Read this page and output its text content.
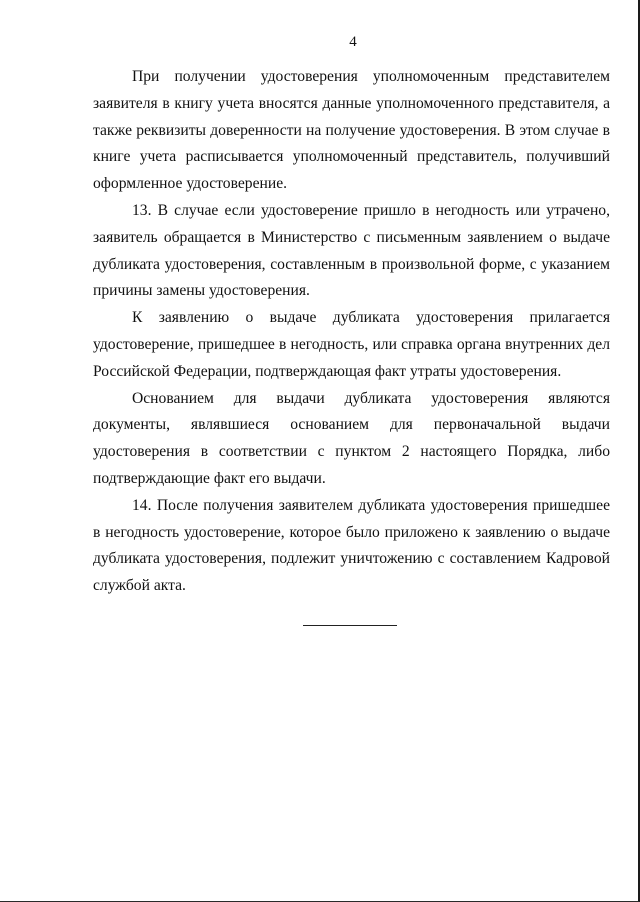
4

При получении удостоверения уполномоченным представителем заявителя в книгу учета вносятся данные уполномоченного представителя, а также реквизиты доверенности на получение удостоверения. В этом случае в книге учета расписывается уполномоченный представитель, получивший оформленное удостоверение.

13. В случае если удостоверение пришло в негодность или утрачено, заявитель обращается в Министерство с письменным заявлением о выдаче дубликата удостоверения, составленным в произвольной форме, с указанием причины замены удостоверения.

К заявлению о выдаче дубликата удостоверения прилагается удостоверение, пришедшее в негодность, или справка органа внутренних дел Российской Федерации, подтверждающая факт утраты удостоверения.

Основанием для выдачи дубликата удостоверения являются документы, являвшиеся основанием для первоначальной выдачи удостоверения в соответствии с пунктом 2 настоящего Порядка, либо подтверждающие факт его выдачи.

14. После получения заявителем дубликата удостоверения пришедшее в негодность удостоверение, которое было приложено к заявлению о выдаче дубликата удостоверения, подлежит уничтожению с составлением Кадровой службой акта.
